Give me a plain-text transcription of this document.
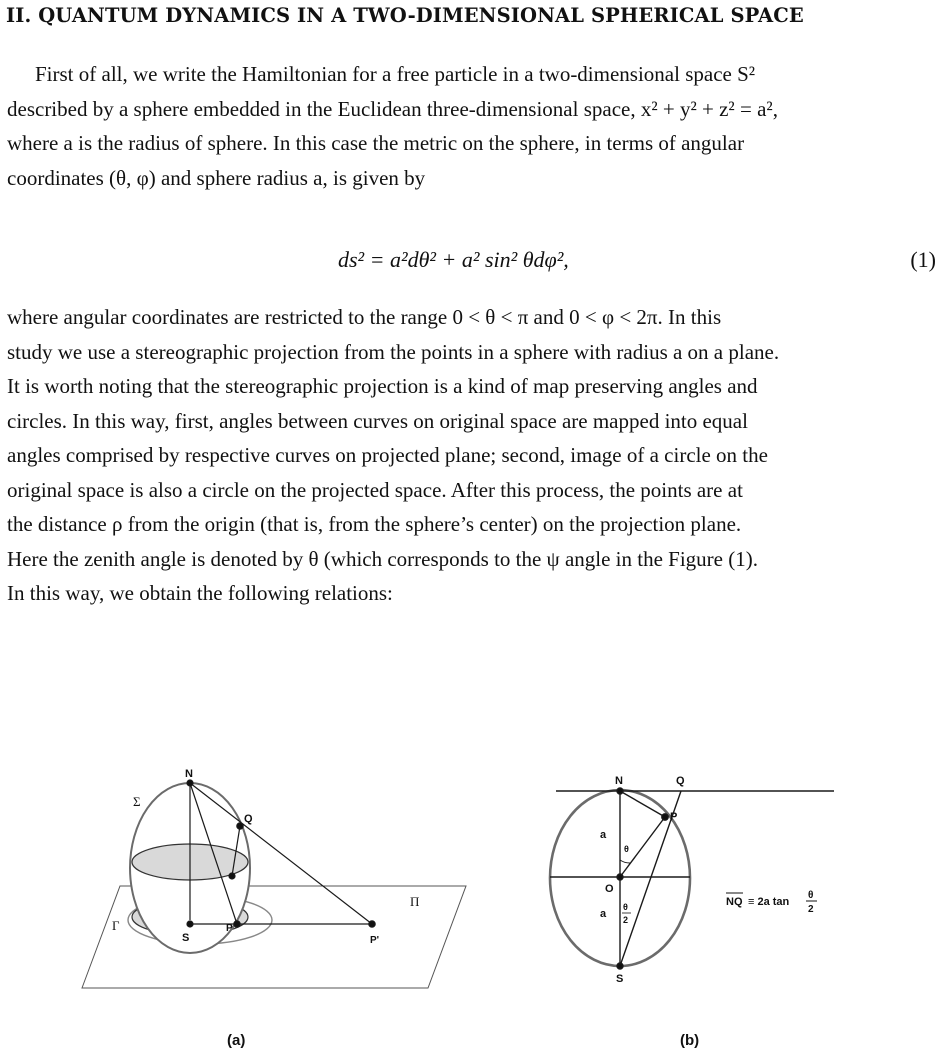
II. QUANTUM DYNAMICS IN A TWO-DIMENSIONAL SPHERICAL SPACE
First of all, we write the Hamiltonian for a free particle in a two-dimensional space S²
described by a sphere embedded in the Euclidean three-dimensional space, x² + y² + z² = a²,
where a is the radius of sphere. In this case the metric on the sphere, in terms of angular
coordinates (θ, φ) and sphere radius a, is given by
ds² = a²dθ² + a² sin² θdφ²,	(1)
where angular coordinates are restricted to the range 0 < θ < π and 0 < φ < 2π. In this
study we use a stereographic projection from the points in a sphere with radius a on a plane.
It is worth noting that the stereographic projection is a kind of map preserving angles and
circles. In this way, first, angles between curves on original space are mapped into equal
angles comprised by respective curves on projected plane; second, image of a circle on the
original space is also a circle on the projected space. After this process, the points are at
the distance ρ from the origin (that is, from the sphere’s center) on the projection plane.
Here the zenith angle is denoted by θ (which corresponds to the ψ angle in the Figure (1).
In this way, we obtain the following relations:
N
Q
Σ
Π
Γ
S
P
P'
(a)
N	Q
P
O
S
a
a
θ
θ
2
NQ ≡ 2a tan
θ
2
(b)
